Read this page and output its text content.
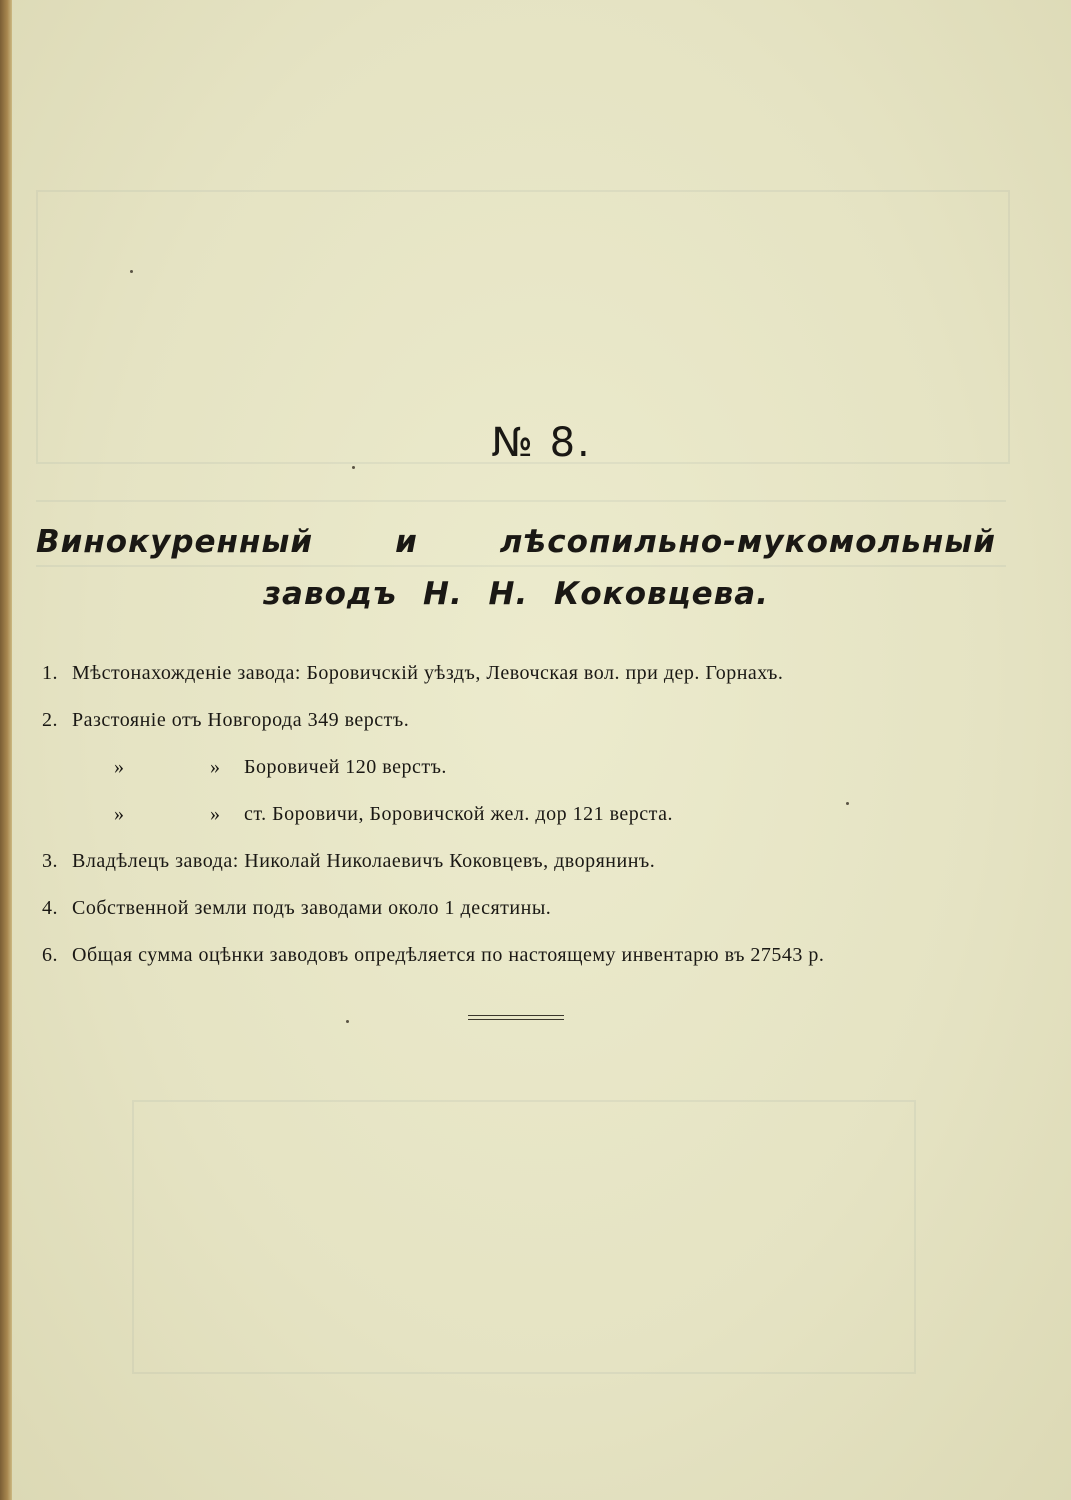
№ 8.
Винокуренный и лѣсопильно-мукомольный заводъ Н. Н. Коковцева.
1. Мѣстонахожденіе завода: Боровичскій уѣздъ, Левочская вол. при дер. Горнахъ.
2. Разстояніе отъ Новгорода 349 верстъ.
»	» Боровичей 120 верстъ.
»	» ст. Боровичи, Боровичской жел. дор 121 верста.
3. Владѣлецъ завода: Николай Николаевичъ Коковцевъ, дворянинъ.
4. Собственной земли подъ заводами около 1 десятины.
6. Общая сумма оцѣнки заводовъ опредѣляется по настоящему инвентарю въ 27543 р.
